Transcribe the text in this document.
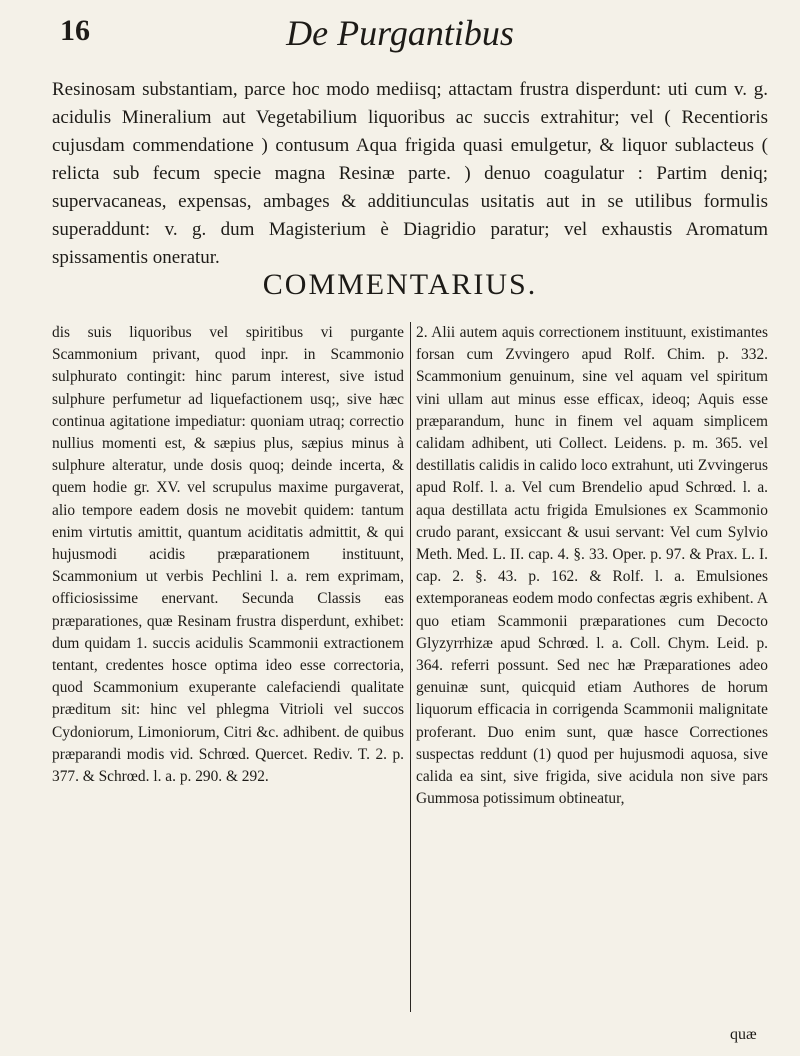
16	De Purgantibus

Resinosam substantiam, parce hoc modo mediisq; attactam frustra disperdunt: uti cum v. g. acidulis Mineralium aut Vegetabilium liquoribus ac succis extrahitur; vel ( Recentioris cujusdam commendatione ) contusum Aqua frigida quasi emulgetur, & liquor sublacteus ( relicta sub fecum specie magna Resinæ parte. ) denuo coagulatur : Partim deniq; supervacaneas, expensas, ambages & additiunculas usitatis aut in se utilibus formulis superaddunt: v. g. dum Magisterium è Diagridio paratur; vel exhaustis Aromatum spissamentis oneratur.

COMMENTARIUS.

dis suis liquoribus vel spiritibus vi purgante Scammonium privant, quod inpr. in Scammonio sulphurato contingit: hinc parum interest, sive istud sulphure perfumetur ad liquefactionem usq;, sive hæc continua agitatione impediatur: quoniam utraq; correctio nullius momenti est, & sæpius plus, sæpius minus à sulphure alteratur, unde dosis quoq; deinde incerta, & quem hodie gr. XV. vel scrupulus maxime purgaverat, alio tempore eadem dosis ne movebit quidem: tantum enim virtutis amittit, quantum aciditatis admittit, & qui hujusmodi acidis præparationem instituunt, Scammonium ut verbis Pechlini l. a. rem exprimam, officiosissime enervant. Secunda Classis eas præparationes, quæ Resinam frustra disperdunt, exhibet: dum quidam 1. succis acidulis Scammonii extractionem tentant, credentes hosce optima ideo esse correctoria, quod Scammonium exuperante calefaciendi qualitate præditum sit: hinc vel phlegma Vitrioli vel succos Cydoniorum, Limoniorum, Citri &c. adhibent. de quibus præparandi modis vid. Schrœd. Quercet. Rediv. T. 2. p. 377. & Schrœd. l. a. p. 290. & 292.

2. Alii autem aquis correctionem instituunt, existimantes forsan cum Zvvingero apud Rolf. Chim. p. 332. Scammonium genuinum, sine vel aquam vel spiritum vini ullam aut minus esse efficax, ideoq; Aquis esse præparandum, hunc in finem vel aquam simplicem calidam adhibent, uti Collect. Leidens. p. m. 365. vel destillatis calidis in calido loco extrahunt, uti Zvvingerus apud Rolf. l. a. Vel cum Brendelio apud Schrœd. l. a. aqua destillata actu frigida Emulsiones ex Scammonio crudo parant, exsiccant & usui servant: Vel cum Sylvio Meth. Med. L. II. cap. 4. §. 33. Oper. p. 97. & Prax. L. I. cap. 2. §. 43. p. 162. & Rolf. l. a. Emulsiones extemporaneas eodem modo confectas ægris exhibent. A quo etiam Scammonii præparationes cum Decocto Glyzyrrhizæ apud Schrœd. l. a. Coll. Chym. Leid. p. 364. referri possunt. Sed nec hæ Præparationes adeo genuinæ sunt, quicquid etiam Authores de horum liquorum efficacia in corrigenda Scammonii malignitate proferant. Duo enim sunt, quæ hasce Correctiones suspectas reddunt (1) quod per hujusmodi aquosa, sive calida ea sint, sive frigida, sive acidula non sive pars Gummosa potissimum obtineatur,

quæ
